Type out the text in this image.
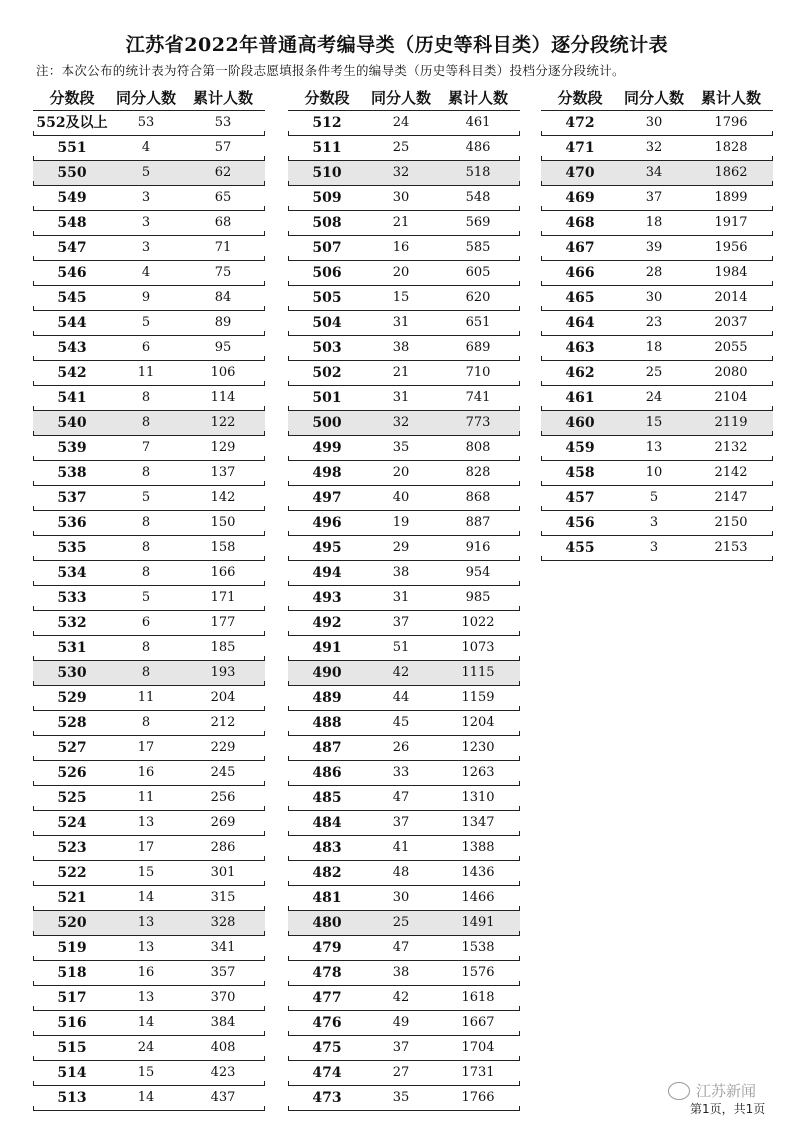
江苏省2022年普通高考编导类（历史等科目类）逐分段统计表
注：本次公布的统计表为符合第一阶段志愿填报条件考生的编导类（历史等科目类）投档分逐分段统计。
分数段	同分人数	累计人数
552及以上	53	53
551	4	57
550	5	62
549	3	65
548	3	68
547	3	71
546	4	75
545	9	84
544	5	89
543	6	95
542	11	106
541	8	114
540	8	122
539	7	129
538	8	137
537	5	142
536	8	150
535	8	158
534	8	166
533	5	171
532	6	177
531	8	185
530	8	193
529	11	204
528	8	212
527	17	229
526	16	245
525	11	256
524	13	269
523	17	286
522	15	301
521	14	315
520	13	328
519	13	341
518	16	357
517	13	370
516	14	384
515	24	408
514	15	423
513	14	437
分数段	同分人数	累计人数
512	24	461
511	25	486
510	32	518
509	30	548
508	21	569
507	16	585
506	20	605
505	15	620
504	31	651
503	38	689
502	21	710
501	31	741
500	32	773
499	35	808
498	20	828
497	40	868
496	19	887
495	29	916
494	38	954
493	31	985
492	37	1022
491	51	1073
490	42	1115
489	44	1159
488	45	1204
487	26	1230
486	33	1263
485	47	1310
484	37	1347
483	41	1388
482	48	1436
481	30	1466
480	25	1491
479	47	1538
478	38	1576
477	42	1618
476	49	1667
475	37	1704
474	27	1731
473	35	1766
分数段	同分人数	累计人数
472	30	1796
471	32	1828
470	34	1862
469	37	1899
468	18	1917
467	39	1956
466	28	1984
465	30	2014
464	23	2037
463	18	2055
462	25	2080
461	24	2104
460	15	2119
459	13	2132
458	10	2142
457	5	2147
456	3	2150
455	3	2153
江苏新闻
第1页，共1页
